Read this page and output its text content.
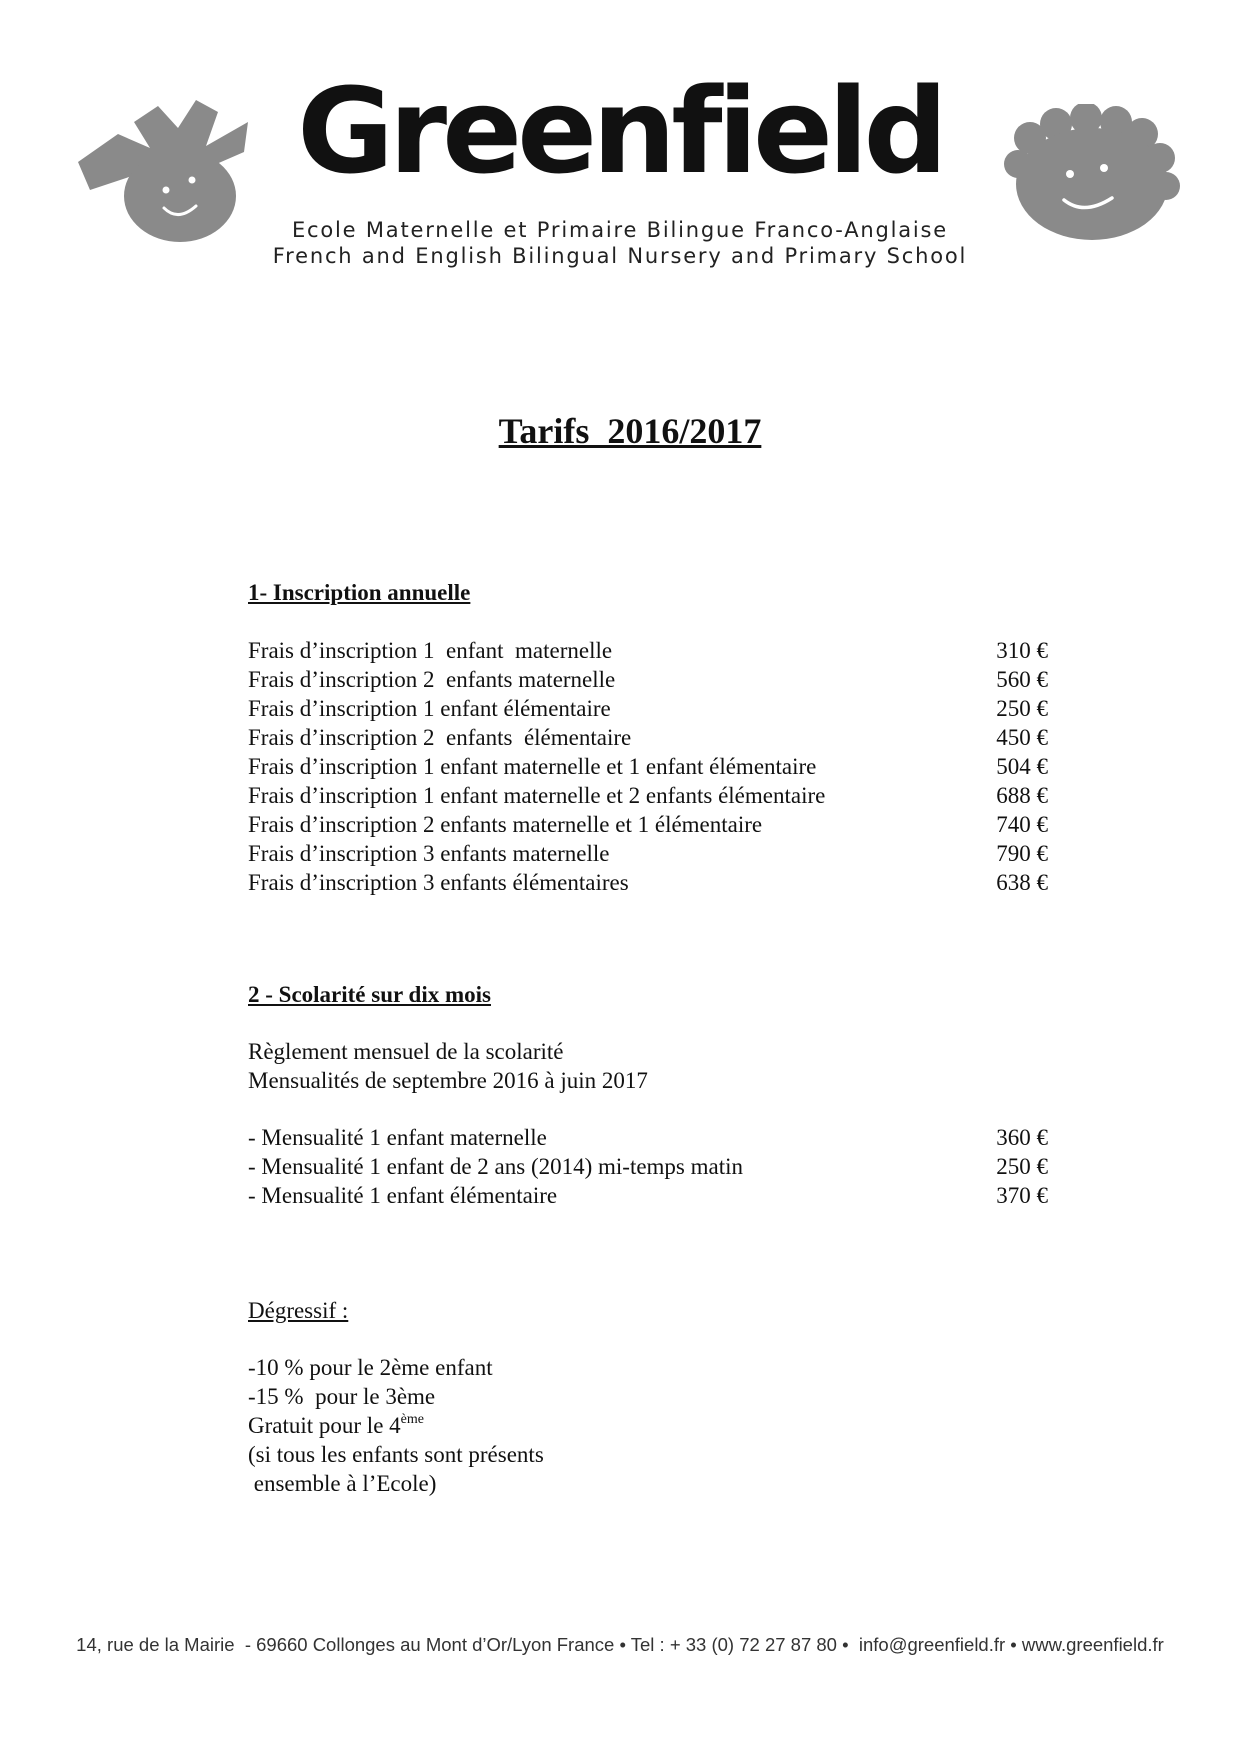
Greenfield
Ecole Maternelle et Primaire Bilingue Franco-Anglaise
French and English Bilingual Nursery and Primary School
Tarifs  2016/2017
1- Inscription annuelle
Frais d’inscription 1  enfant  maternelle	310 €
Frais d’inscription 2  enfants maternelle	560 €
Frais d’inscription 1 enfant élémentaire	250 €
Frais d’inscription 2  enfants  élémentaire	450 €
Frais d’inscription 1 enfant maternelle et 1 enfant élémentaire	504 €
Frais d’inscription 1 enfant maternelle et 2 enfants élémentaire	688 €
Frais d’inscription 2 enfants maternelle et 1 élémentaire	740 €
Frais d’inscription 3 enfants maternelle	790 €
Frais d’inscription 3 enfants élémentaires	638 €
2 - Scolarité sur dix mois
Règlement mensuel de la scolarité
Mensualités de septembre 2016 à juin 2017
- Mensualité 1 enfant maternelle	360 €
- Mensualité 1 enfant de 2 ans (2014) mi-temps matin	250 €
- Mensualité 1 enfant élémentaire	370 €
Dégressif :
-10 % pour le 2ème enfant
-15 %  pour le 3ème
Gratuit pour le 4ème
(si tous les enfants sont présents
ensemble à l’Ecole)
14, rue de la Mairie  - 69660 Collonges au Mont d’Or/Lyon France • Tel : + 33 (0) 72 27 87 80 •  info@greenfield.fr • www.greenfield.fr
